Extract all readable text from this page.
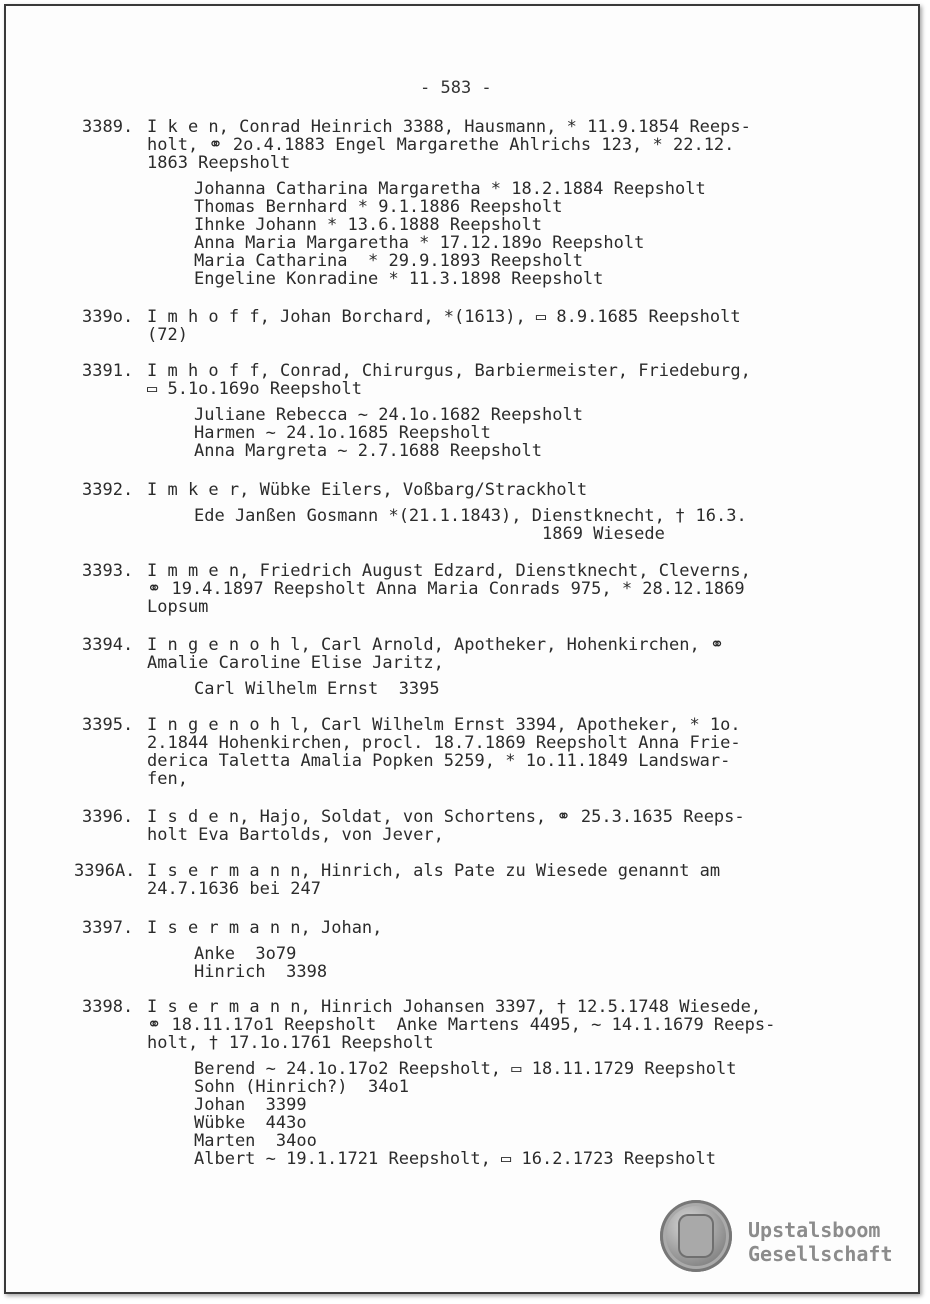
- 583 -
3389. I k e n, Conrad Heinrich 3388, Hausmann, * 11.9.1854 Reeps-
holt, ⚭ 2o.4.1883 Engel Margarethe Ahlrichs 123, * 22.12.
1863 Reepsholt
Johanna Catharina Margaretha * 18.2.1884 Reepsholt
Thomas Bernhard * 9.1.1886 Reepsholt
Ihnke Johann * 13.6.1888 Reepsholt
Anna Maria Margaretha * 17.12.189o Reepsholt
Maria Catharina  * 29.9.1893 Reepsholt
Engeline Konradine * 11.3.1898 Reepsholt
339o. I m h o f f, Johan Borchard, *(1613), ▭ 8.9.1685 Reepsholt
(72)
3391. I m h o f f, Conrad, Chirurgus, Barbiermeister, Friedeburg,
▭ 5.1o.169o Reepsholt
Juliane Rebecca ~ 24.1o.1682 Reepsholt
Harmen ~ 24.1o.1685 Reepsholt
Anna Margreta ~ 2.7.1688 Reepsholt
3392. I m k e r, Wübke Eilers, Voßbarg/Strackholt
Ede Janßen Gosmann *(21.1.1843), Dienstknecht, † 16.3.
1869 Wiesede
3393. I m m e n, Friedrich August Edzard, Dienstknecht, Cleverns,
⚭ 19.4.1897 Reepsholt Anna Maria Conrads 975, * 28.12.1869
Lopsum
3394. I n g e n o h l, Carl Arnold, Apotheker, Hohenkirchen, ⚭
Amalie Caroline Elise Jaritz,
Carl Wilhelm Ernst  3395
3395. I n g e n o h l, Carl Wilhelm Ernst 3394, Apotheker, * 1o.
2.1844 Hohenkirchen, procl. 18.7.1869 Reepsholt Anna Frie-
derica Taletta Amalia Popken 5259, * 1o.11.1849 Landswar-
fen,
3396. I s d e n, Hajo, Soldat, von Schortens, ⚭ 25.3.1635 Reeps-
holt Eva Bartolds, von Jever,
3396A. I s e r m a n n, Hinrich, als Pate zu Wiesede genannt am
24.7.1636 bei 247
3397. I s e r m a n n, Johan,
Anke  3o79
Hinrich  3398
3398. I s e r m a n n, Hinrich Johansen 3397, † 12.5.1748 Wiesede,
⚭ 18.11.17o1 Reepsholt  Anke Martens 4495, ~ 14.1.1679 Reeps-
holt, † 17.1o.1761 Reepsholt
Berend ~ 24.1o.17o2 Reepsholt, ▭ 18.11.1729 Reepsholt
Sohn (Hinrich?)  34o1
Johan  3399
Wübke  443o
Marten  34oo
Albert ~ 19.1.1721 Reepsholt, ▭ 16.2.1723 Reepsholt
Upstalsboom
Gesellschaft
